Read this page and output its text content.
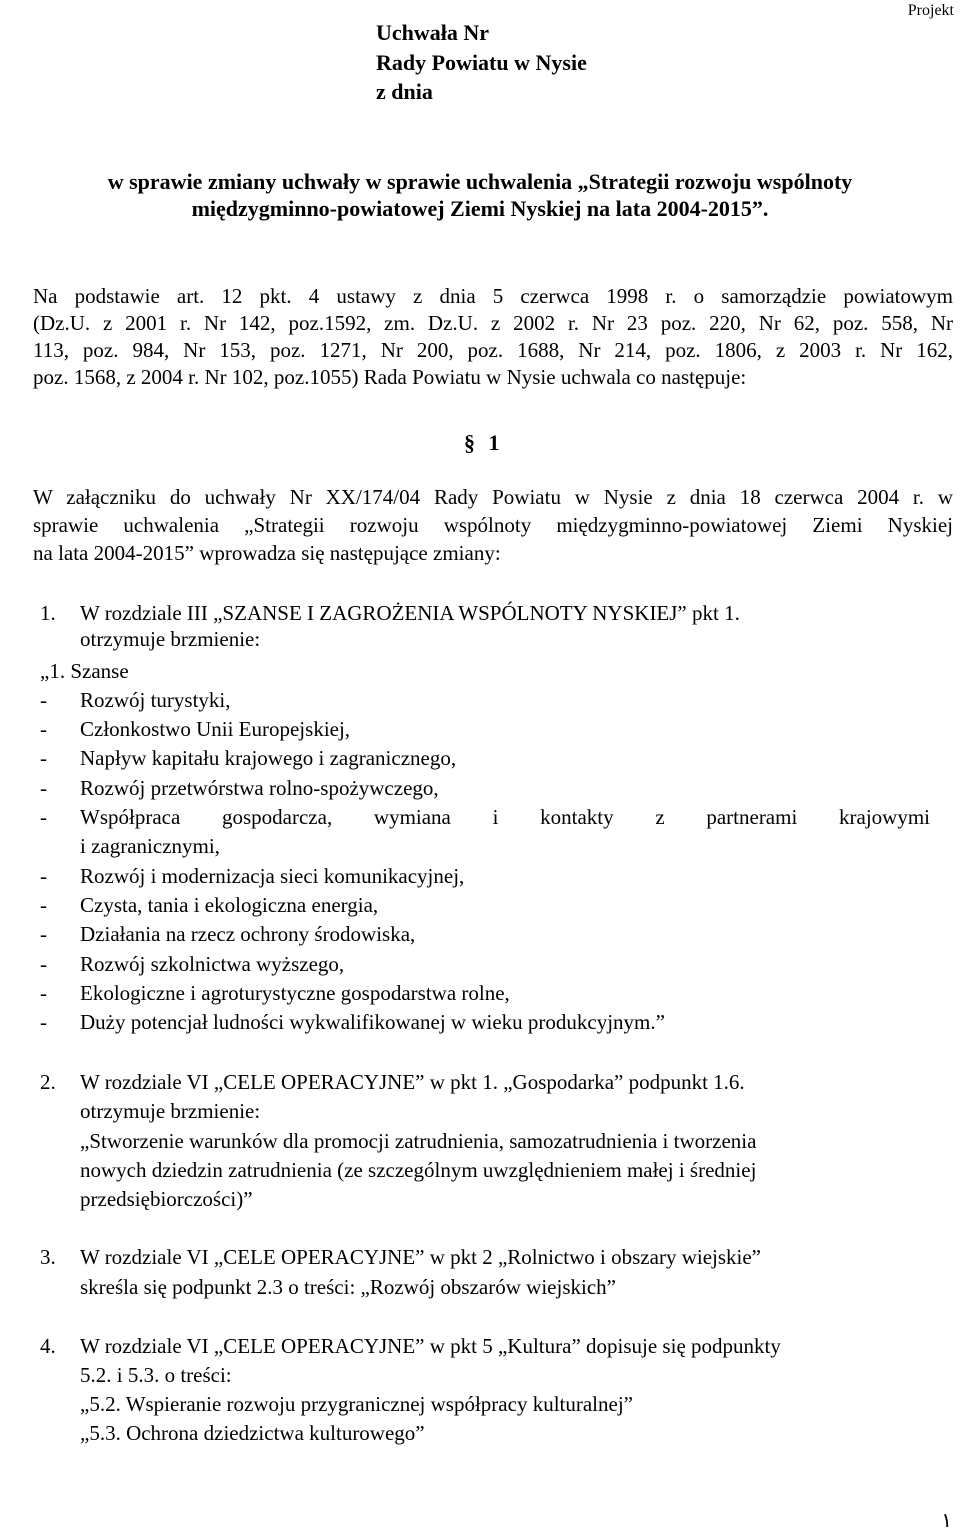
Projekt
Uchwała Nr
Rady Powiatu w Nysie
z dnia
w sprawie zmiany uchwały w sprawie uchwalenia „Strategii rozwoju wspólnoty
międzygminno-powiatowej Ziemi Nyskiej na lata 2004-2015”.
Na podstawie art. 12 pkt. 4 ustawy z dnia 5 czerwca 1998 r. o samorządzie powiatowym
(Dz.U. z 2001 r. Nr 142, poz.1592, zm. Dz.U. z 2002 r. Nr 23 poz. 220, Nr 62, poz. 558, Nr
113, poz. 984, Nr 153, poz. 1271, Nr 200, poz. 1688, Nr 214, poz. 1806, z 2003 r. Nr 162,
poz. 1568, z 2004 r. Nr 102, poz.1055) Rada Powiatu w Nysie uchwala co następuje:
§ 1
W załączniku do uchwały Nr XX/174/04 Rady Powiatu w Nysie z dnia 18 czerwca 2004 r. w
sprawie uchwalenia „Strategii rozwoju wspólnoty międzygminno-powiatowej Ziemi Nyskiej
na lata 2004-2015” wprowadza się następujące zmiany:
1. W rozdziale III „SZANSE I ZAGROŻENIA WSPÓLNOTY NYSKIEJ” pkt 1.
otrzymuje brzmienie:
„1. Szanse
- Rozwój turystyki,
- Członkostwo Unii Europejskiej,
- Napływ kapitału krajowego i zagranicznego,
- Rozwój przetwórstwa rolno-spożywczego,
- Współpraca gospodarcza, wymiana i kontakty z partnerami krajowymi
i zagranicznymi,
- Rozwój i modernizacja sieci komunikacyjnej,
- Czysta, tania i ekologiczna energia,
- Działania na rzecz ochrony środowiska,
- Rozwój szkolnictwa wyższego,
- Ekologiczne i agroturystyczne gospodarstwa rolne,
- Duży potencjał ludności wykwalifikowanej w wieku produkcyjnym.”
2. W rozdziale VI „CELE OPERACYJNE” w pkt 1. „Gospodarka” podpunkt 1.6.
otrzymuje brzmienie:
„Stworzenie warunków dla promocji zatrudnienia, samozatrudnienia i tworzenia
nowych dziedzin zatrudnienia (ze szczególnym uwzględnieniem małej i średniej
przedsiębiorczości)”
3. W rozdziale VI „CELE OPERACYJNE” w pkt 2 „Rolnictwo i obszary wiejskie”
skreśla się podpunkt 2.3 o treści: „Rozwój obszarów wiejskich”
4. W rozdziale VI „CELE OPERACYJNE” w pkt 5 „Kultura” dopisuje się podpunkty
5.2. i 5.3. o treści:
„5.2. Wspieranie rozwoju przygranicznej współpracy kulturalnej”
„5.3. Ochrona dziedzictwa kulturowego”
١
